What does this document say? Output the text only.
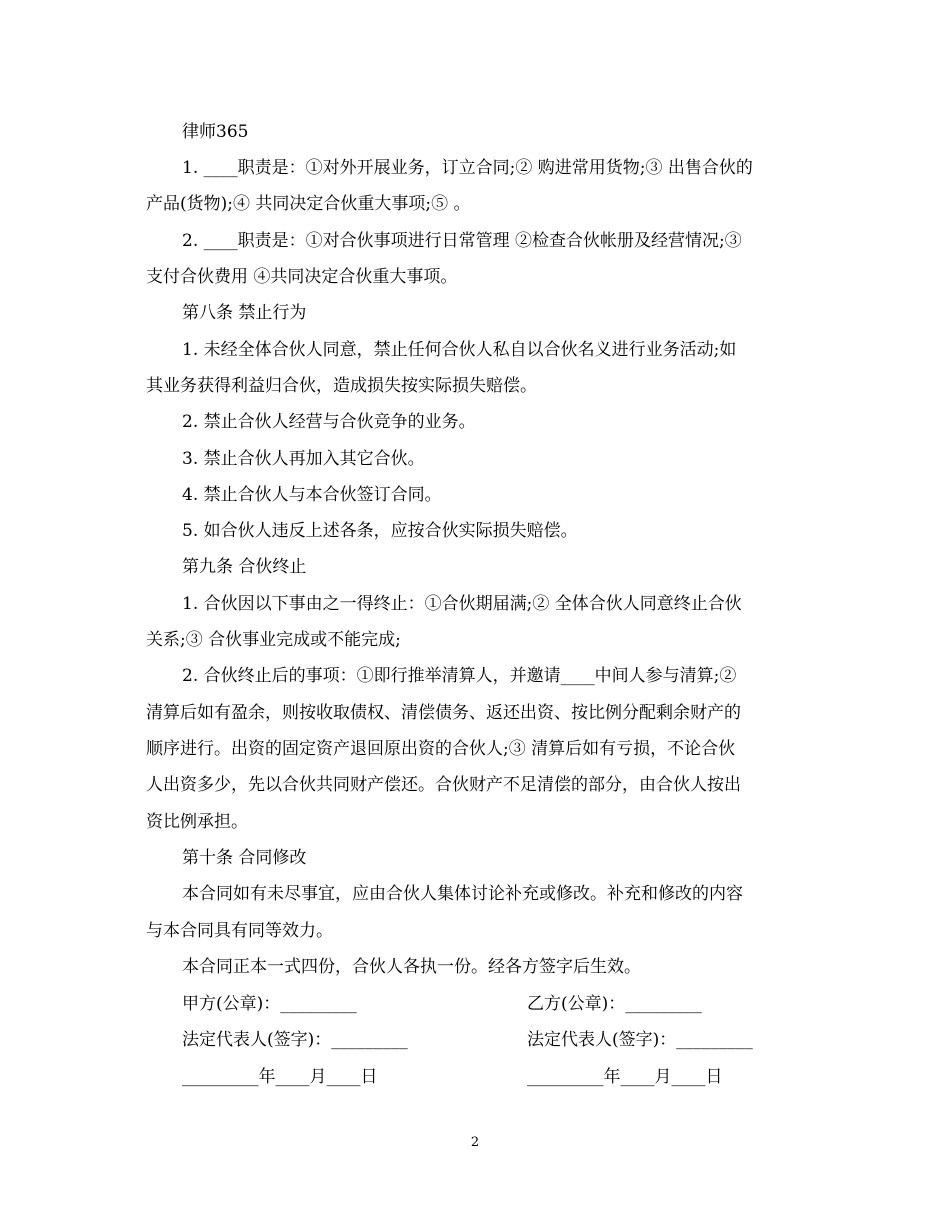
律师365
1. ____职责是：①对外开展业务，订立合同;② 购进常用货物;③ 出售合伙的
产品(货物);④ 共同决定合伙重大事项;⑤ 。
2. ____职责是：①对合伙事项进行日常管理 ②检查合伙帐册及经营情况;③
支付合伙费用 ④共同决定合伙重大事项。
第八条 禁止行为
1. 未经全体合伙人同意，禁止任何合伙人私自以合伙名义进行业务活动;如
其业务获得利益归合伙，造成损失按实际损失赔偿。
2. 禁止合伙人经营与合伙竞争的业务。
3. 禁止合伙人再加入其它合伙。
4. 禁止合伙人与本合伙签订合同。
5. 如合伙人违反上述各条，应按合伙实际损失赔偿。
第九条 合伙终止
1. 合伙因以下事由之一得终止：①合伙期届满;② 全体合伙人同意终止合伙
关系;③ 合伙事业完成或不能完成;
2. 合伙终止后的事项：①即行推举清算人，并邀请____中间人参与清算;②
清算后如有盈余，则按收取债权、清偿债务、返还出资、按比例分配剩余财产的
顺序进行。出资的固定资产退回原出资的合伙人;③ 清算后如有亏损，不论合伙
人出资多少，先以合伙共同财产偿还。合伙财产不足清偿的部分，由合伙人按出
资比例承担。
第十条 合同修改
本合同如有未尽事宜，应由合伙人集体讨论补充或修改。补充和修改的内容
与本合同具有同等效力。
本合同正本一式四份，合伙人各执一份。经各方签字后生效。
甲方(公章)：_________	乙方(公章)：_________
法定代表人(签字)：_________	法定代表人(签字)：_________
_________年____月____日	_________年____月____日
2
